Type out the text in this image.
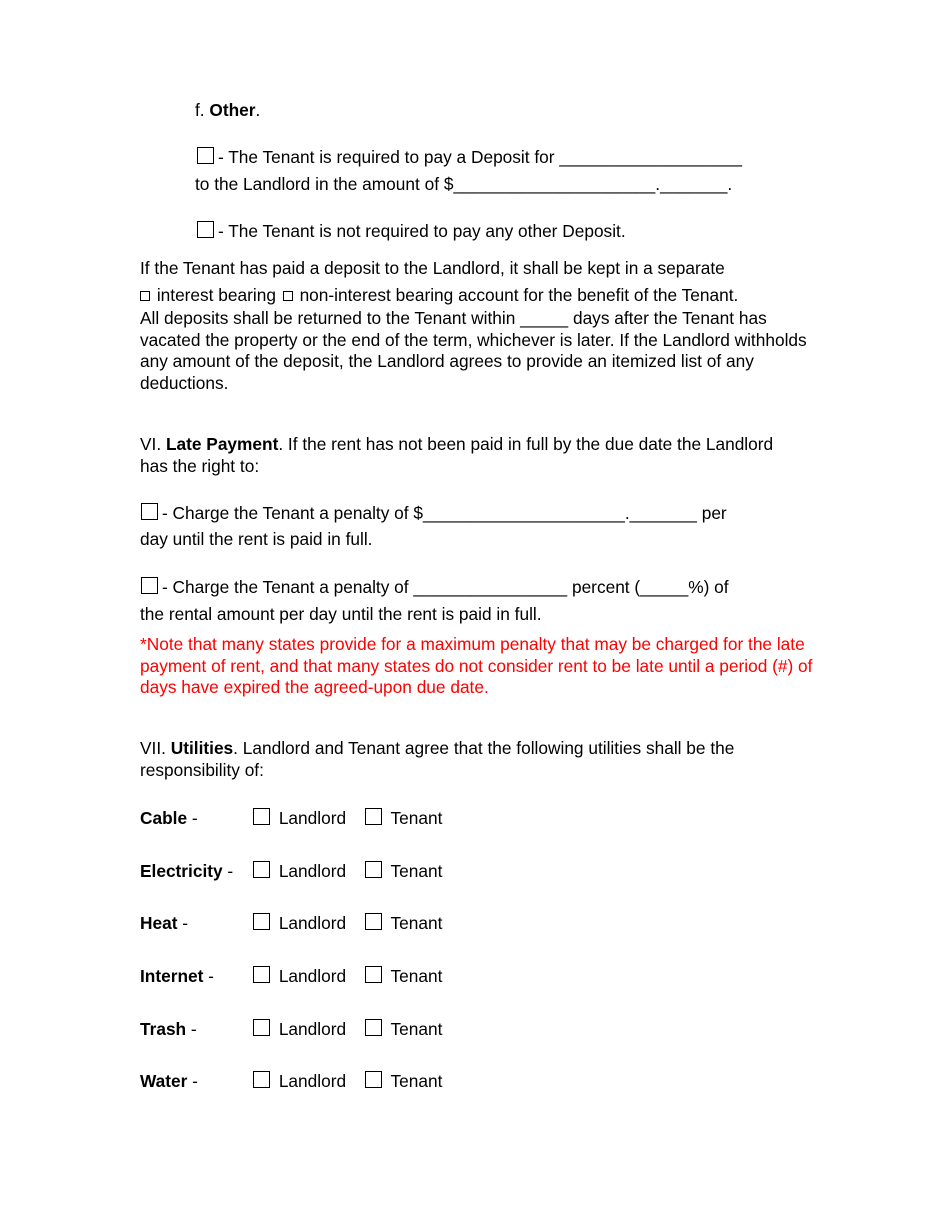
f. Other.
- The Tenant is required to pay a Deposit for ___________________
to the Landlord in the amount of $_____________________._______.
- The Tenant is not required to pay any other Deposit.
If the Tenant has paid a deposit to the Landlord, it shall be kept in a separate
interest bearing non-interest bearing account for the benefit of the Tenant.
All deposits shall be returned to the Tenant within _____ days after the Tenant has vacated the property or the end of the term, whichever is later. If the Landlord withholds any amount of the deposit, the Landlord agrees to provide an itemized list of any deductions.
VI. Late Payment. If the rent has not been paid in full by the due date the Landlord has the right to:
- Charge the Tenant a penalty of $_____________________._______ per
day until the rent is paid in full.
- Charge the Tenant a penalty of ________________ percent (_____%) of
the rental amount per day until the rent is paid in full.
*Note that many states provide for a maximum penalty that may be charged for the late payment of rent, and that many states do not consider rent to be late until a period (#) of days have expired the agreed-upon due date.
VII. Utilities. Landlord and Tenant agree that the following utilities shall be the responsibility of:
Cable -	Landlord	Tenant
Electricity -	Landlord	Tenant
Heat -	Landlord	Tenant
Internet -	Landlord	Tenant
Trash -	Landlord	Tenant
Water -	Landlord	Tenant
